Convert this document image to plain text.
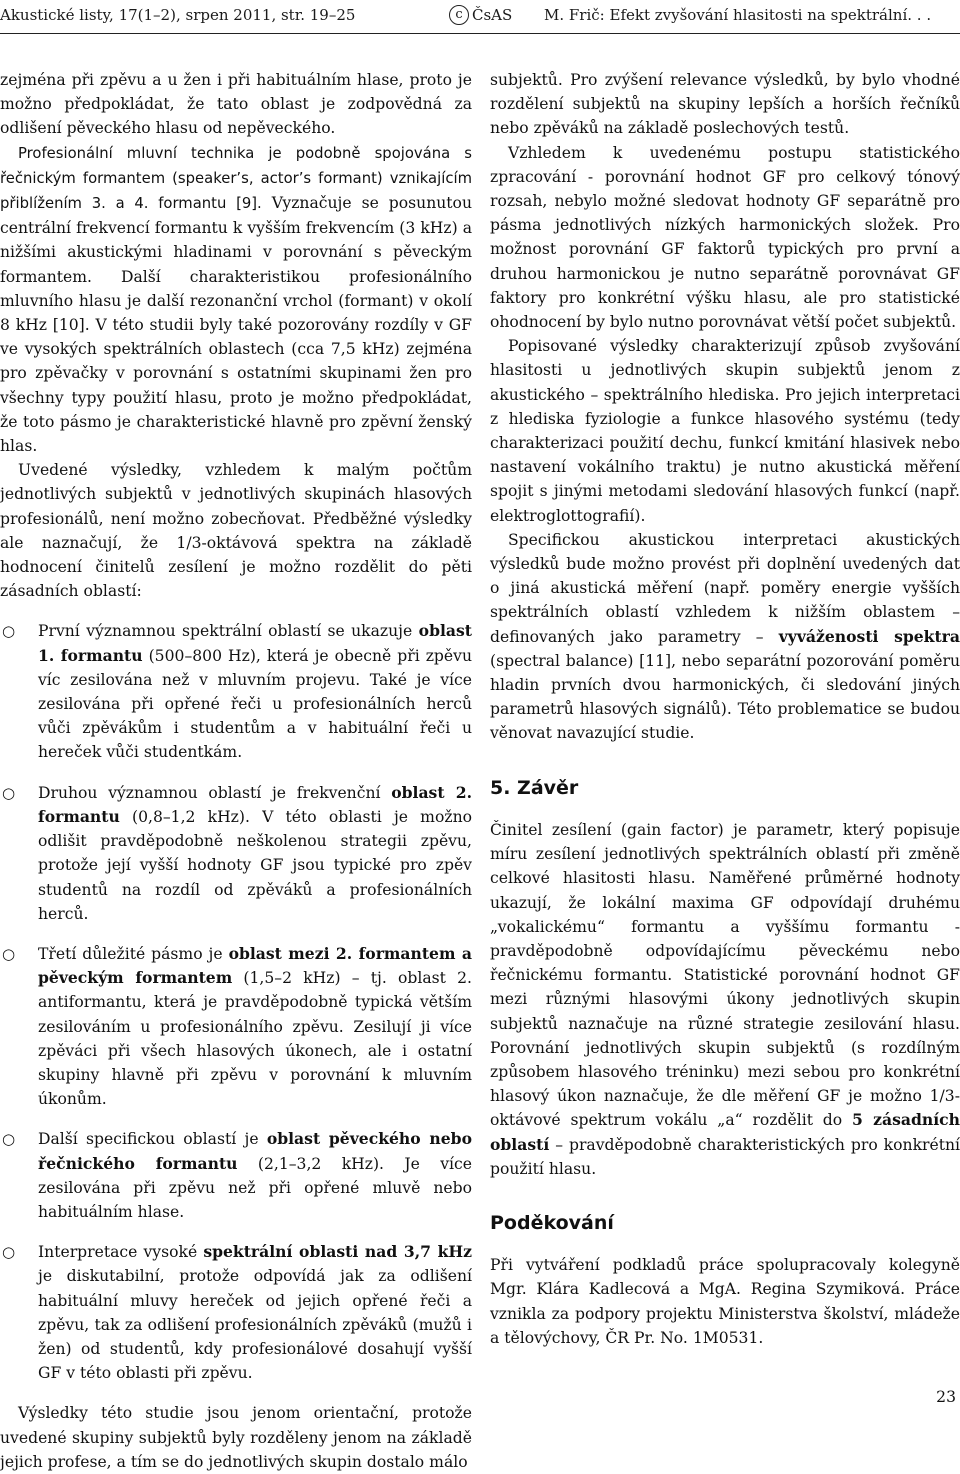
Akustické listy, 17(1–2), srpen 2011, str. 19–25	c ČsAS M. Frič: Efekt zvyšování hlasitosti na spektrální. . .

zejména při zpěvu a u žen i při habituálním hlase, proto je možno předpokládat, že tato oblast je zodpovědná za odlišení pěveckého hlasu od nepěveckého.

Profesionální mluvní technika je podobně spojována s řečnickým formantem (speaker’s, actor’s formant) vznikajícím přiblížením 3. a 4. formantu [9]. Vyznačuje se posunutou centrální frekvencí formantu k vyšším frekvencím (3 kHz) a nižšími akustickými hladinami v porovnání s pěveckým formantem. Další charakteristikou profesionálního mluvního hlasu je další rezonanční vrchol (formant) v okolí 8 kHz [10]. V této studii byly také pozorovány rozdíly v GF ve vysokých spektrálních oblastech (cca 7,5 kHz) zejména pro zpěvačky v porovnání s ostatními skupinami žen pro všechny typy použití hlasu, proto je možno předpokládat, že toto pásmo je charakteristické hlavně pro zpěvní ženský hlas.

Uvedené výsledky, vzhledem k malým počtům jednotlivých subjektů v jednotlivých skupinách hlasových profesionálů, není možno zobecňovat. Předběžné výsledky ale naznačují, že 1/3-oktávová spektra na základě hodnocení činitelů zesílení je možno rozdělit do pěti zásadních oblastí:

○ První významnou spektrální oblastí se ukazuje oblast 1. formantu (500–800 Hz), která je obecně při zpěvu víc zesilována než v mluvním projevu. Také je více zesilována při opřené řeči u profesionálních herců vůči zpěvákům i studentům a v habituální řeči u hereček vůči studentkám.
○ Druhou významnou oblastí je frekvenční oblast 2. formantu (0,8–1,2 kHz). V této oblasti je možno odlišit pravděpodobně neškolenou strategii zpěvu, protože její vyšší hodnoty GF jsou typické pro zpěv studentů na rozdíl od zpěváků a profesionálních herců.
○ Třetí důležité pásmo je oblast mezi 2. formantem a pěveckým formantem (1,5–2 kHz) – tj. oblast 2. antiformantu, která je pravděpodobně typická větším zesilováním u profesionálního zpěvu. Zesilují ji více zpěváci při všech hlasových úkonech, ale i ostatní skupiny hlavně při zpěvu v porovnání k mluvním úkonům.
○ Další specifickou oblastí je oblast pěveckého nebo řečnického formantu (2,1–3,2 kHz). Je více zesilována při zpěvu než při opřené mluvě nebo habituálním hlase.
○ Interpretace vysoké spektrální oblasti nad 3,7 kHz je diskutabilní, protože odpovídá jak za odlišení habituální mluvy hereček od jejich opřené řeči a zpěvu, tak za odlišení profesionálních zpěváků (mužů i žen) od studentů, kdy profesionálové dosahují vyšší GF v této oblasti při zpěvu.

Výsledky této studie jsou jenom orientační, protože uvedené skupiny subjektů byly rozděleny jenom na základě jejich profese, a tím se do jednotlivých skupin dostalo málo

subjektů. Pro zvýšení relevance výsledků, by bylo vhodné rozdělení subjektů na skupiny lepších a horších řečníků nebo zpěváků na základě poslechových testů.

Vzhledem k uvedenému postupu statistického zpracování - porovnání hodnot GF pro celkový tónový rozsah, nebylo možné sledovat hodnoty GF separátně pro pásma jednotlivých nízkých harmonických složek. Pro možnost porovnání GF faktorů typických pro první a druhou harmonickou je nutno separátně porovnávat GF faktory pro konkrétní výšku hlasu, ale pro statistické ohodnocení by bylo nutno porovnávat větší počet subjektů.

Popisované výsledky charakterizují způsob zvyšování hlasitosti u jednotlivých skupin subjektů jenom z akustického – spektrálního hlediska. Pro jejich interpretaci z hlediska fyziologie a funkce hlasového systému (tedy charakterizaci použití dechu, funkcí kmitání hlasivek nebo nastavení vokálního traktu) je nutno akustická měření spojit s jinými metodami sledování hlasových funkcí (např. elektroglottografií).

Specifickou akustickou interpretaci akustických výsledků bude možno provést při doplnění uvedených dat o jiná akustická měření (např. poměry energie vyšších spektrálních oblastí vzhledem k nižším oblastem – definovaných jako parametry – vyváženosti spektra (spectral balance) [11], nebo separátní pozorování poměru hladin prvních dvou harmonických, či sledování jiných parametrů hlasových signálů). Této problematice se budou věnovat navazující studie.

5. Závěr

Činitel zesílení (gain factor) je parametr, který popisuje míru zesílení jednotlivých spektrálních oblastí při změně celkové hlasitosti hlasu. Naměřené průměrné hodnoty ukazují, že lokální maxima GF odpovídají druhému „vokalickému“ formantu a vyššímu formantu - pravděpodobně odpovídajícímu pěveckému nebo řečnickému formantu. Statistické porovnání hodnot GF mezi různými hlasovými úkony jednotlivých skupin subjektů naznačuje na různé strategie zesilování hlasu. Porovnání jednotlivých skupin subjektů (s rozdílným způsobem hlasového tréninku) mezi sebou pro konkrétní hlasový úkon naznačuje, že dle měření GF je možno 1/3-oktávové spektrum vokálu „a“ rozdělit do 5 zásadních oblastí – pravděpodobně charakteristických pro konkrétní použití hlasu.

Poděkování

Při vytváření podkladů práce spolupracovaly kolegyně Mgr. Klára Kadlecová a MgA. Regina Szymiková. Práce vznikla za podpory projektu Ministerstva školství, mládeže a tělovýchovy, ČR Pr. No. 1M0531.

23
